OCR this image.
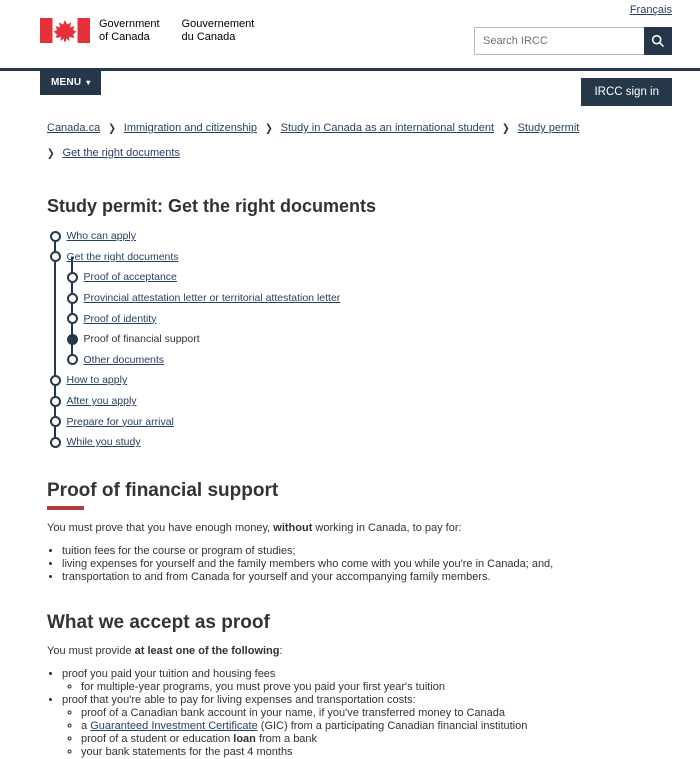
Français
Government
of Canada
Gouvernement
du Canada
Search IRCC
MENU ▾
IRCC sign in
Canada.ca ❯ Immigration and citizenship ❯ Study in Canada as an international student ❯ Study permit
❯ Get the right documents
Study permit: Get the right documents
Who can apply
Get the right documents
Proof of acceptance
Provincial attestation letter or territorial attestation letter
Proof of identity
Proof of financial support
Other documents
How to apply
After you apply
Prepare for your arrival
While you study
Proof of financial support

You must prove that you have enough money, without working in Canada, to pay for:

• tuition fees for the course or program of studies;
• living expenses for yourself and the family members who come with you while you're in Canada; and,
• transportation to and from Canada for yourself and your accompanying family members.
What we accept as proof

You must provide at least one of the following:

• proof you paid your tuition and housing fees
◦ for multiple-year programs, you must prove you paid your first year's tuition
• proof that you're able to pay for living expenses and transportation costs:
◦ proof of a Canadian bank account in your name, if you've transferred money to Canada
◦ a Guaranteed Investment Certificate (GIC) from a participating Canadian financial institution
◦ proof of a student or education loan from a bank
◦ your bank statements for the past 4 months
